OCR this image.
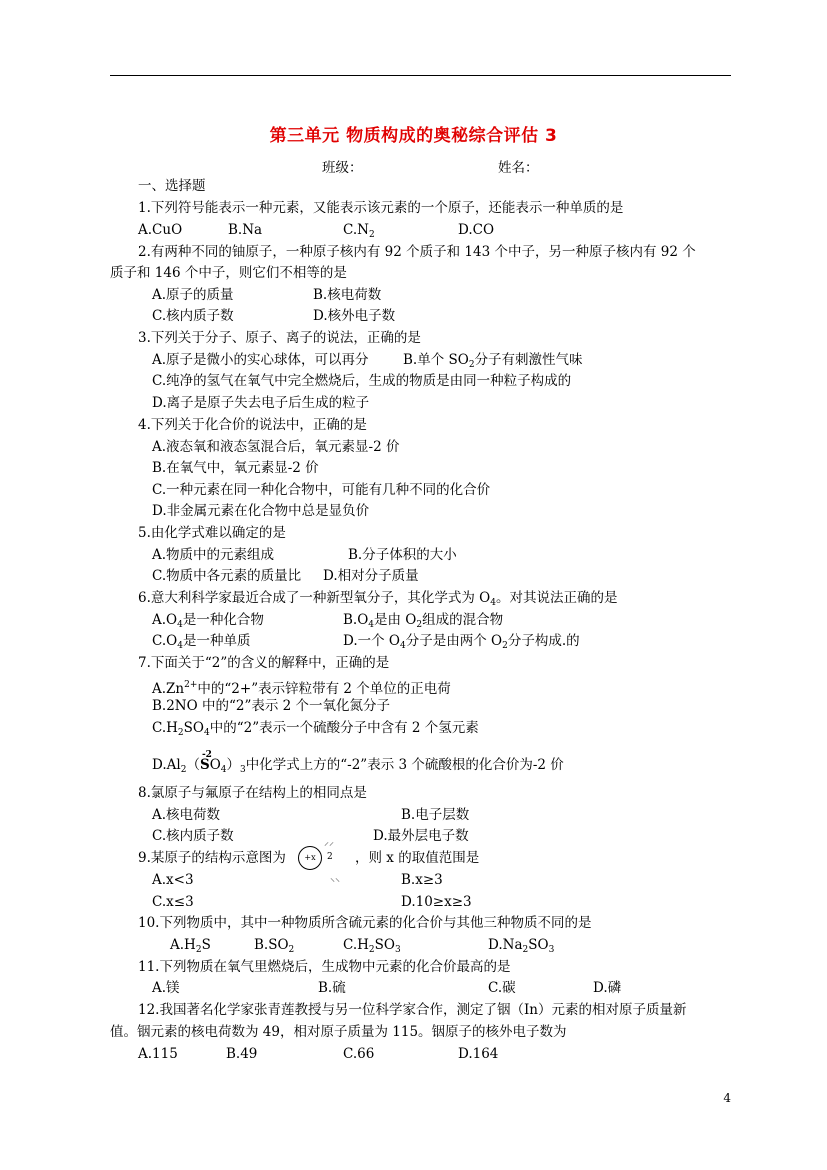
第三单元 物质构成的奥秘综合评估 3
班级：	姓名：
一、选择题
1.下列符号能表示一种元素，又能表示该元素的一个原子，还能表示一种单质的是
A.CuO	B.Na	$C.N_2$	D.CO
2.有两种不同的铀原子，一种原子核内有 92 个质子和 143 个中子，另一种原子核内有 92 个
质子和 146 个中子，则它们不相等的是
A.原子的质量	B.核电荷数
C.核内质子数	D.核外电子数
3.下列关于分子、原子、离子的说法，正确的是
A.原子是微小的实心球体，可以再分	B.单个 $SO_2$分子有刺激性气味
C.纯净的氢气在氧气中完全燃烧后，生成的物质是由同一种粒子构成的
D.离子是原子失去电子后生成的粒子
4.下列关于化合价的说法中，正确的是
A.液态氧和液态氢混合后，氧元素显-2 价
B.在氧气中，氧元素显-2 价
C.一种元素在同一种化合物中，可能有几种不同的化合价
D.非金属元素在化合物中总是显负价
5.由化学式难以确定的是
A.物质中的元素组成	B.分子体积的大小
C.物质中各元素的质量比 D.相对分子质量
6.意大利科学家最近合成了一种新型氧分子，其化学式为 $O_4$。对其说法正确的是
$A.O_4$是一种化合物	$B.O_4$是由 $O_2$组成的混合物
$C.O_4$是一种单质	D.一个 $O_4$分子是由两个 $O_2$分子构成.的
7.下面关于“2”的含义的解释中，正确的是
$A.Zn^{2+}$中的“2+”表示锌粒带有 2 个单位的正电荷
B.2NO 中的“2”表示 2 个一氧化氮分子
$C.H_2SO_4$中的“2”表示一个硫酸分子中含有 2 个氢元素
$D.Al_2$（
-2
$SO_4)_3$中化学式上方的“-2”表示 3 个硫酸根的化合价为-2 价
8.氯原子与氟原子在结构上的相同点是
A.核电荷数	B.电子层数
C.核内质子数	D.最外层电子数
9.某原子的结构示意图为	+x
⸝⸝
2
⸜⸜
，则 x 的取值范围是
A.x<3	B.x≥3
C.x≤3	D.10≥x≥3
10.下列物质中，其中一种物质所含硫元素的化合价与其他三种物质不同的是
$A.H_2S$	$B.SO_2$	$C.H_2SO_3$	$D.Na_2SO_3$
11.下列物质在氧气里燃烧后，生成物中元素的化合价最高的是
A.镁	B.硫	C.碳	D.磷
12.我国著名化学家张青莲教授与另一位科学家合作，测定了铟（In）元素的相对原子质量新
值。铟元素的核电荷数为 49，相对原子质量为 115。铟原子的核外电子数为
A.115	B.49	C.66	D.164
4
